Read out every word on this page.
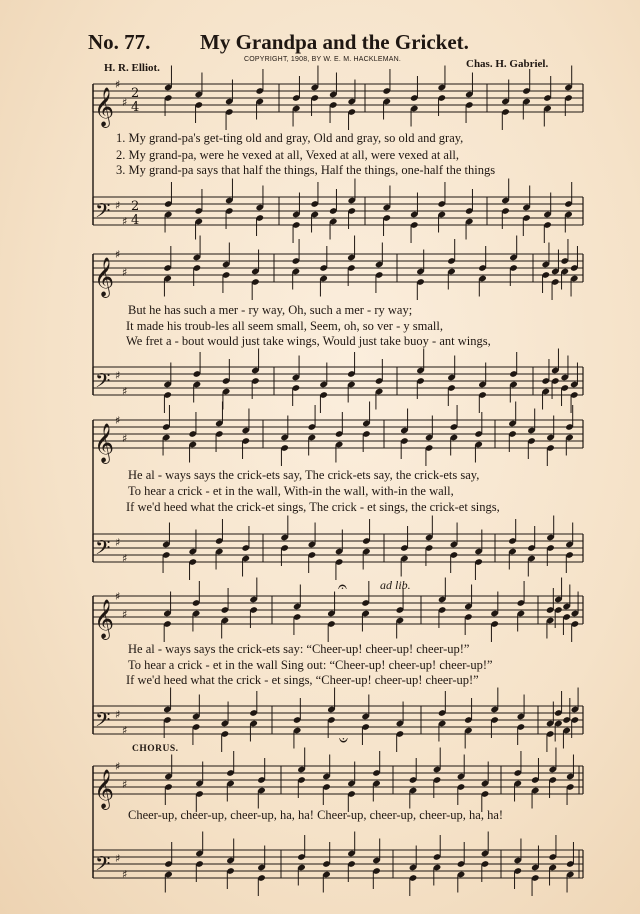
No. 77. My Grandpa and the Gricket.
H. R. Elliot.
COPYRIGHT, 1908, BY W. E. M. HACKLEMAN.	Chas. H. Gabriel.
𝄞
♯
♯
2
4
𝄢 ♯
♯
2
4
𝄞
♯
♯
𝄢 ♯
♯
𝄞
♯
♯
𝄢 ♯
♯
𝄞
♯
♯
𝄢 ♯
♯
𝄞
♯
♯
𝄢 ♯
♯
𝄐
𝄑
1. My grand-pa's get-ting old and gray, Old and gray, so old and gray,
2. My grand-pa, were he vexed at all, Vexed at all, were vexed at all,
3. My grand-pa says that half the things, Half the things, one-half the things
But he has such a mer - ry way, Oh, such a mer - ry way;
It made his troub-les all seem small, Seem, oh, so ver - y small,
We fret a - bout would just take wings, Would just take buoy - ant wings,
He al - ways says the crick-ets say, The crick-ets say, the crick-ets say,
To hear a crick - et in the wall, With-in the wall, with-in the wall,
If we'd heed what the crick-et sings, The crick - et sings, the crick-et sings,
ad lib.
He al - ways says the crick-ets say: “Cheer-up! cheer-up! cheer-up!”
To hear a crick - et in the wall Sing out: “Cheer-up! cheer-up! cheer-up!”
If we'd heed what the crick - et sings, “Cheer-up! cheer-up! cheer-up!”
CHORUS.
Cheer-up, cheer-up, cheer-up, ha, ha! Cheer-up, cheer-up, cheer-up, ha, ha!
